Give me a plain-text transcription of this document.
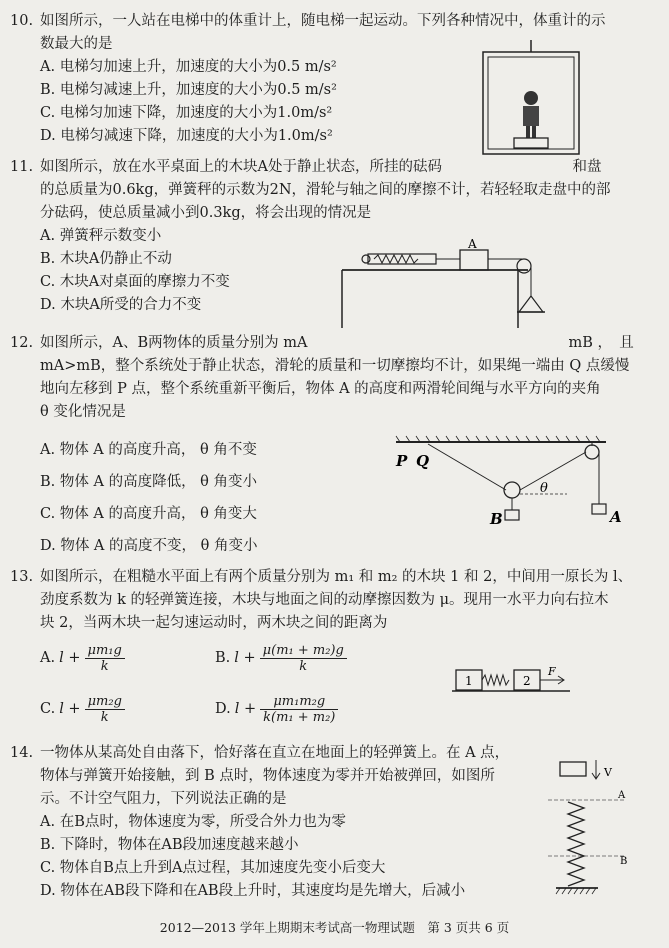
10. 如图所示，一人站在电梯中的体重计上，随电梯一起运动。下列各种情况中，体重计的示
数最大的是
A. 电梯匀加速上升，加速度的大小为0.5 m/s²
B. 电梯匀减速上升，加速度的大小为0.5 m/s²
C. 电梯匀加速下降，加速度的大小为1.0m/s²
D. 电梯匀减速下降，加速度的大小为1.0m/s²
11. 如图所示，放在水平桌面上的木块A处于静止状态，所挂的砝码　　　　　　　　　和盘
的总质量为0.6kg，弹簧秤的示数为2N，滑轮与轴之间的摩擦不计，若轻轻取走盘中的部
分砝码，使总质量减小到0.3kg，将会出现的情况是
A. 弹簧秤示数变小
B. 木块A仍静止不动
C. 木块A对桌面的摩擦力不变
D. 木块A所受的合力不变
A
12. 如图所示，A、B两物体的质量分别为 mA　　　　　　　　　　　　　　　　　　mB ，　且
mA>mB，整个系统处于静止状态，滑轮的质量和一切摩擦均不计，如果绳一端由 Q 点缓慢
地向左移到 P 点，整个系统重新平衡后，物体 A 的高度和两滑轮间绳与水平方向的夹角
θ 变化情况是
A. 物体 A 的高度升高， θ 角不变
B. 物体 A 的高度降低， θ 角变小
C. 物体 A 的高度升高， θ 角变大
D. 物体 A 的高度不变， θ 角变小
P Q
θ
A
B
13. 如图所示，在粗糙水平面上有两个质量分别为 m₁ 和 m₂ 的木块 1 和 2，中间用一原长为 l、
劲度系数为 k 的轻弹簧连接，木块与地面之间的动摩擦因数为 μ。现用一水平力向右拉木
块 2，当两木块一起匀速运动时，两木块之间的距离为
A. $l + \frac{\text{μm₁g}}{k}$	B. $l + \frac{\text{μ(m₁ + m₂)g}}{k}$
C. $l + \frac{\text{μm₂g}}{k}$	D. $l + \frac{\text{μm₁m₂g}}{\text{k(m₁ + m₂)}}$
1	2
F
14. 一物体从某高处自由落下，恰好落在直立在地面上的轻弹簧上。在 A 点，
物体与弹簧开始接触，到 B 点时，物体速度为零并开始被弹回，如图所
示。不计空气阻力，下列说法正确的是
A. 在B点时，物体速度为零，所受合外力也为零
B. 下降时，物体在AB段加速度越来越小
C. 物体自B点上升到A点过程，其加速度先变小后变大
D. 物体在AB段下降和在AB段上升时，其速度均是先增大，后减小
V
A
B
2012—2013 学年上期期末考试高一物理试题　第 3 页共 6 页
